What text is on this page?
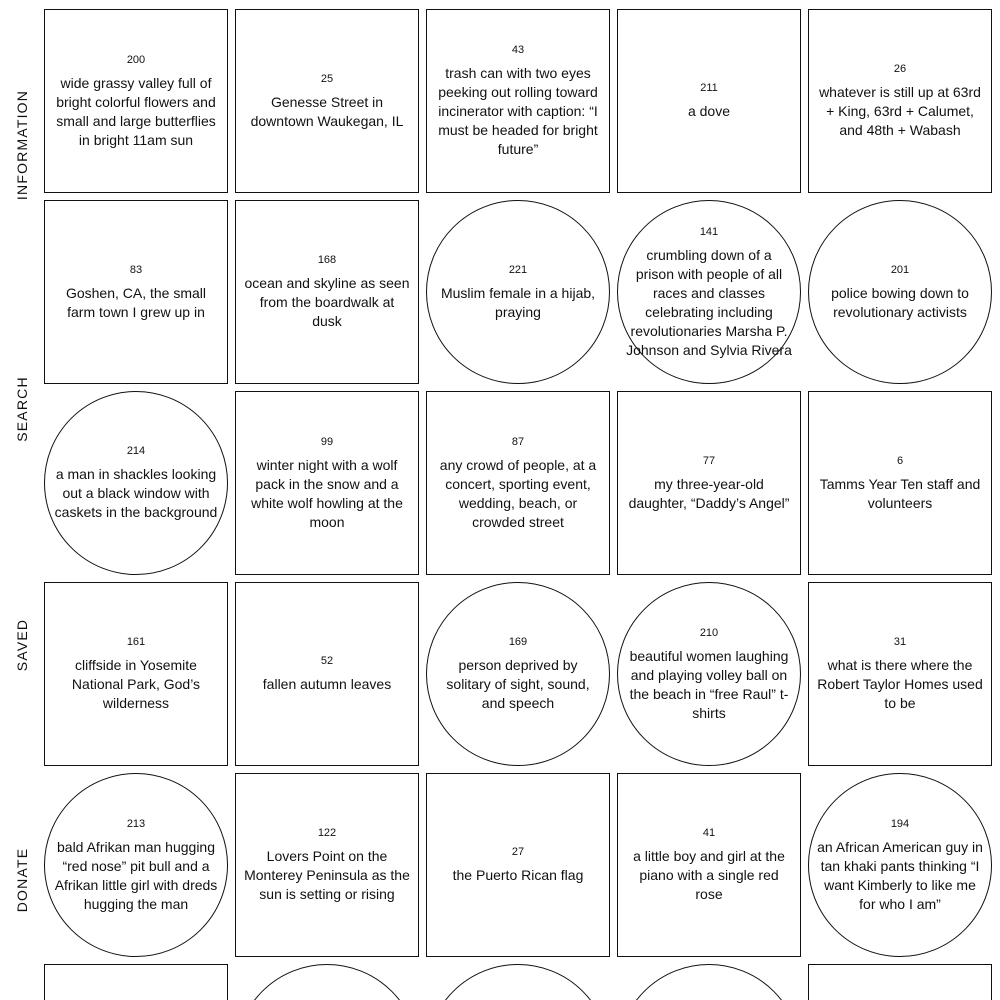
INFORMATION
SEARCH
SAVED
DONATE
200
wide grassy valley full of bright colorful flowers and small and large butterflies in bright 11am sun
25
Genesse Street in downtown Waukegan, IL
43
trash can with two eyes peeking out rolling toward incinerator with caption: “I must be headed for bright future”
211
a dove
26
whatever is still up at 63rd + King, 63rd + Calumet, and 48th + Wabash
83
Goshen, CA, the small farm town I grew up in
168
ocean and skyline as seen from the boardwalk at dusk
221
Muslim female in a hijab, praying
141
crumbling down of a prison with people of all races and classes celebrating including revolutionaries Marsha P. Johnson and Sylvia Rivera
201
police bowing down to revolutionary activists
214
a man in shackles looking out a black window with caskets in the background
99
winter night with a wolf pack in the snow and a white wolf howling at the moon
87
any crowd of people, at a concert, sporting event, wedding, beach, or crowded street
77
my three-year-old daughter, “Daddy’s Angel”
6
Tamms Year Ten staff and volunteers
161
cliffside in Yosemite National Park, God’s wilderness
52
fallen autumn leaves
169
person deprived by solitary of sight, sound, and speech
210
beautiful women laughing and playing volley ball on the beach in “free Raul” t-shirts
31
what is there where the Robert Taylor Homes used to be
213
bald Afrikan man hugging “red nose” pit bull and a Afrikan little girl with dreds hugging the man
122
Lovers Point on the Monterey Peninsula as the sun is setting or rising
27
the Puerto Rican flag
41
a little boy and girl at the piano with a single red rose
194
an African American guy in tan khaki pants thinking “I want Kimberly to like me for who I am”
